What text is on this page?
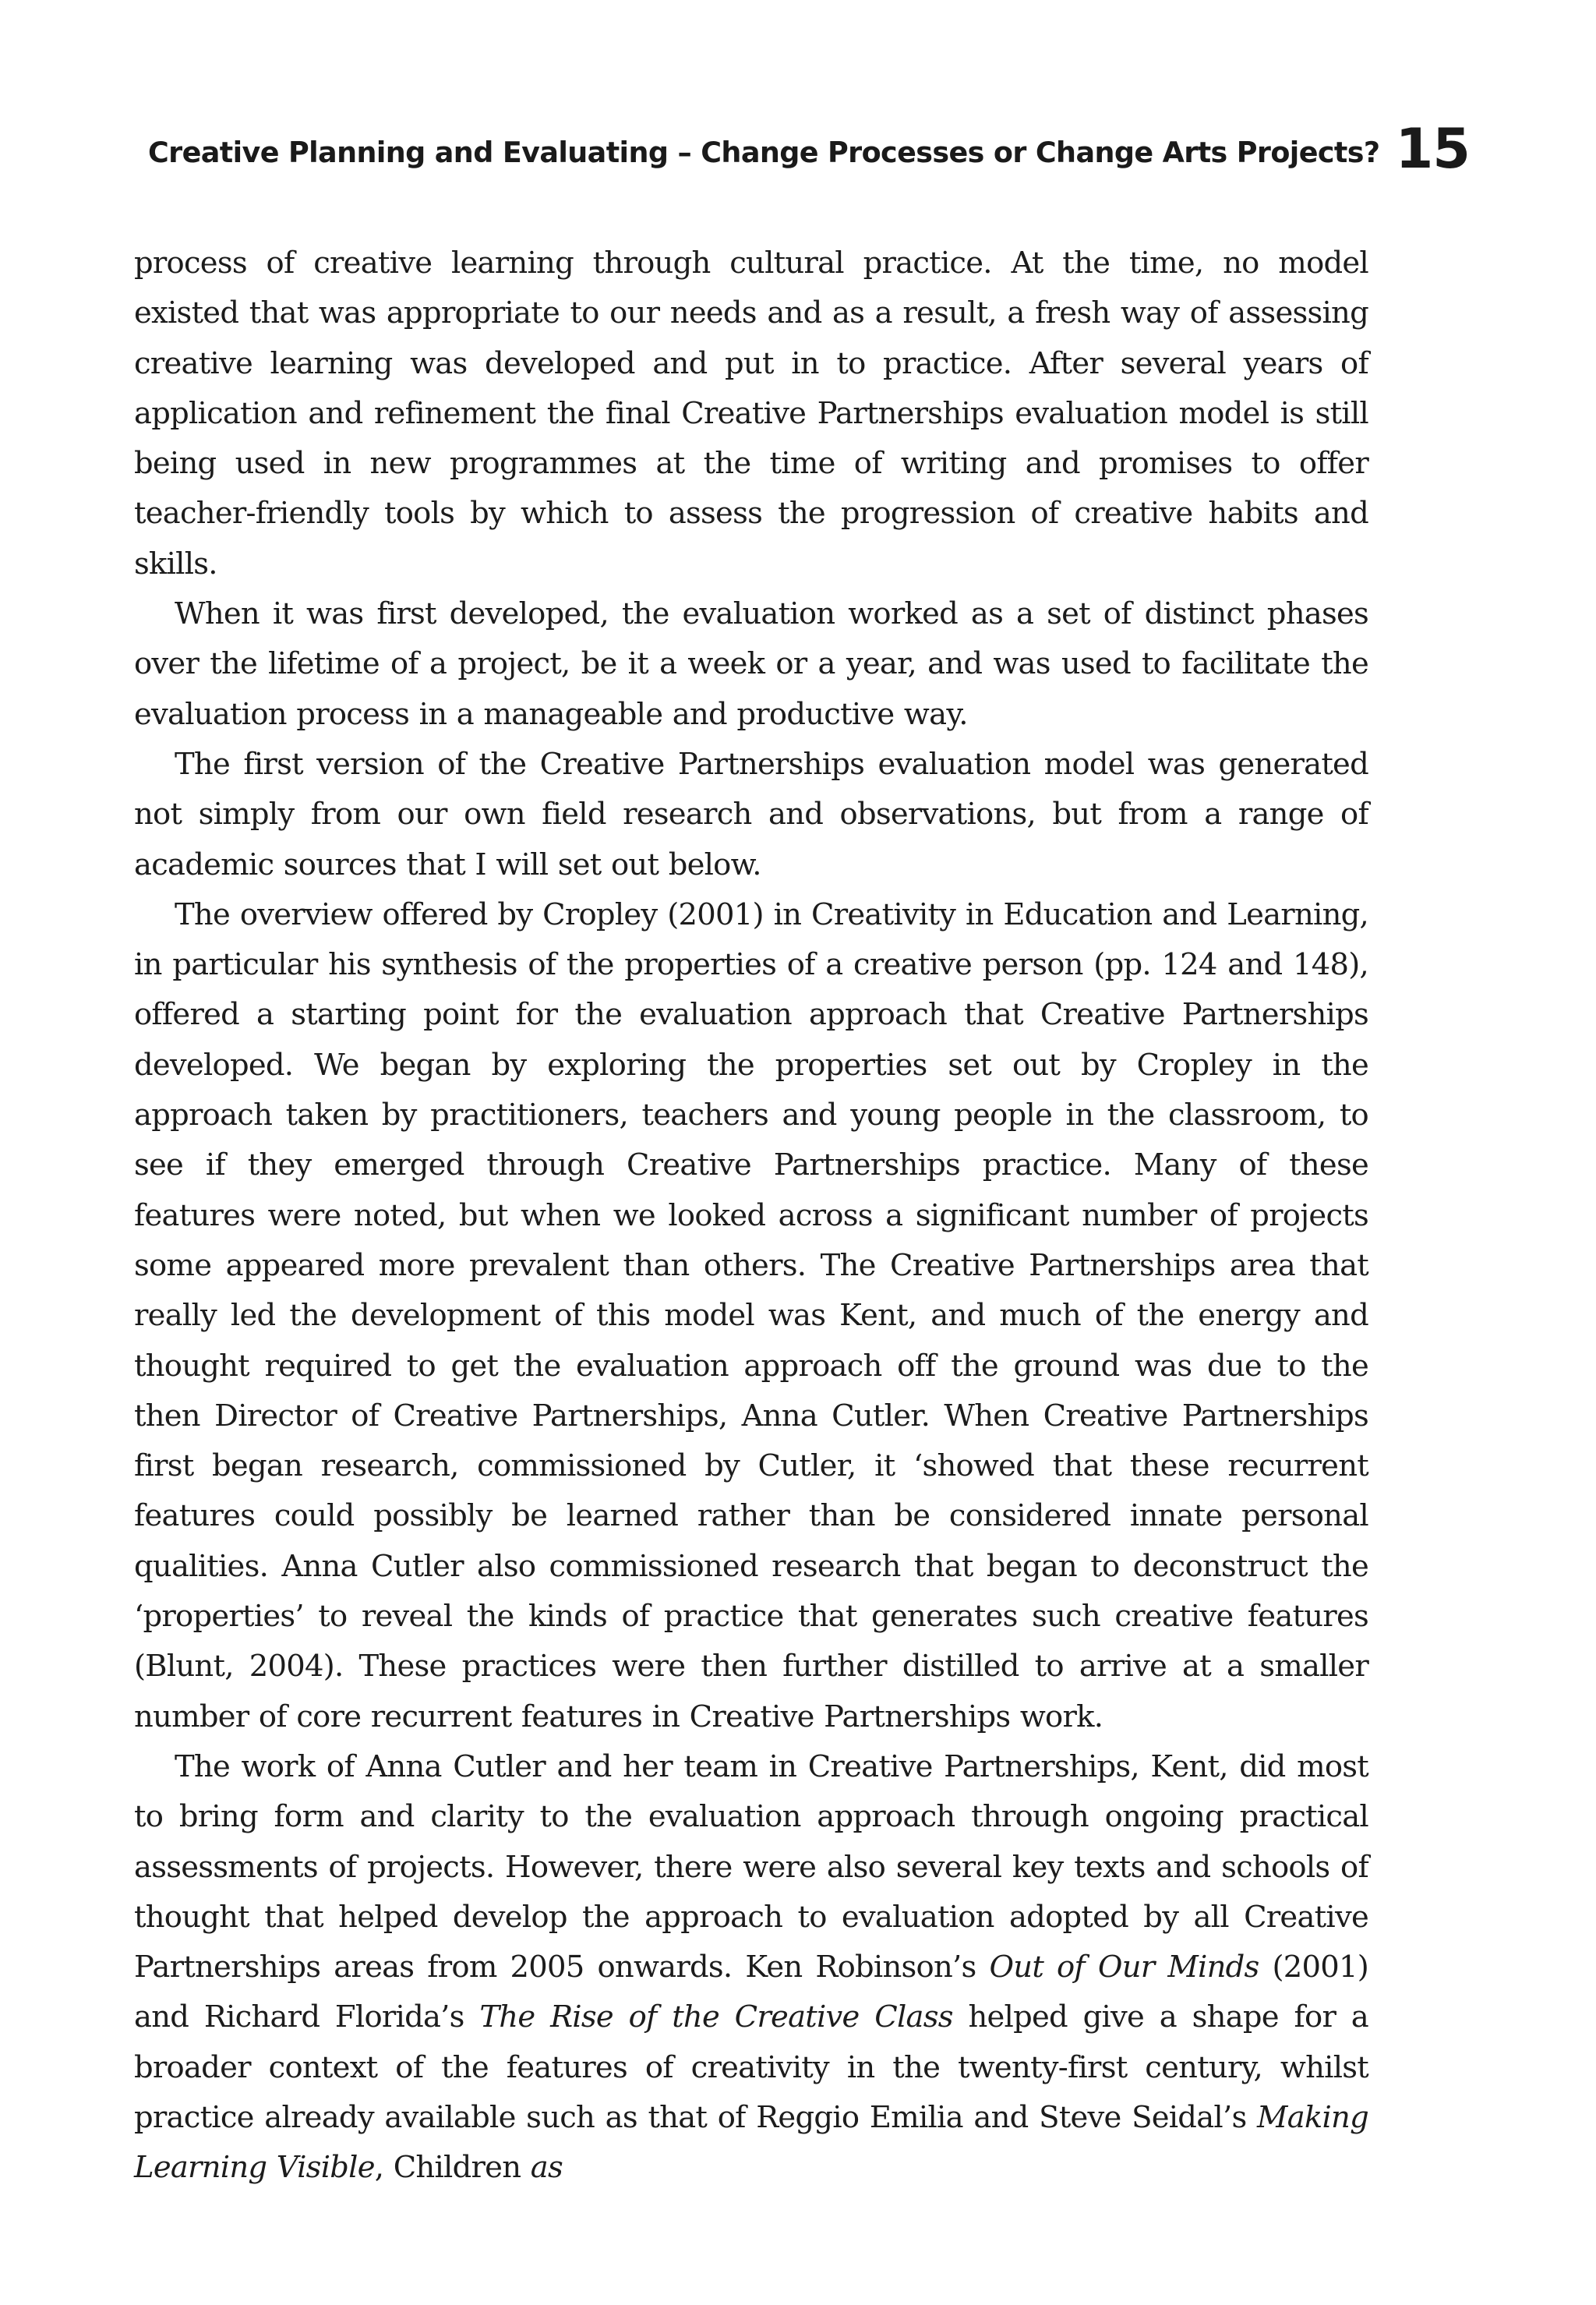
Creative Planning and Evaluating – Change Processes or Change Arts Projects? 15

process of creative learning through cultural practice. At the time, no model existed that was appropriate to our needs and as a result, a fresh way of assessing creative learning was developed and put in to practice. After several years of application and refinement the final Creative Partnerships evaluation model is still being used in new programmes at the time of writing and promises to offer teacher-friendly tools by which to assess the progression of creative habits and skills.

When it was first developed, the evaluation worked as a set of distinct phases over the lifetime of a project, be it a week or a year, and was used to facilitate the evaluation process in a manageable and productive way.

The first version of the Creative Partnerships evaluation model was generated not simply from our own field research and observations, but from a range of academic sources that I will set out below.

The overview offered by Cropley (2001) in Creativity in Education and Learning, in particular his synthesis of the properties of a creative person (pp. 124 and 148), offered a starting point for the evaluation approach that Creative Partnerships developed. We began by exploring the properties set out by Cropley in the approach taken by practitioners, teachers and young people in the classroom, to see if they emerged through Creative Partnerships practice. Many of these features were noted, but when we looked across a significant number of projects some appeared more prevalent than others. The Creative Partnerships area that really led the development of this model was Kent, and much of the energy and thought required to get the evaluation approach off the ground was due to the then Director of Creative Partnerships, Anna Cutler. When Creative Partnerships first began research, commissioned by Cutler, it ‘showed that these recurrent features could possibly be learned rather than be considered innate personal qualities. Anna Cutler also commissioned research that began to deconstruct the ‘properties’ to reveal the kinds of practice that generates such creative features (Blunt, 2004). These practices were then further distilled to arrive at a smaller number of core recurrent features in Creative Partnerships work.

The work of Anna Cutler and her team in Creative Partnerships, Kent, did most to bring form and clarity to the evaluation approach through ongoing practical assessments of projects. However, there were also several key texts and schools of thought that helped develop the approach to evaluation adopted by all Creative Partnerships areas from 2005 onwards. Ken Robinson’s Out of Our Minds (2001) and Richard Florida’s The Rise of the Creative Class helped give a shape for a broader context of the features of creativity in the twenty-first century, whilst practice already available such as that of Reggio Emilia and Steve Seidal’s Making Learning Visible, Children as
